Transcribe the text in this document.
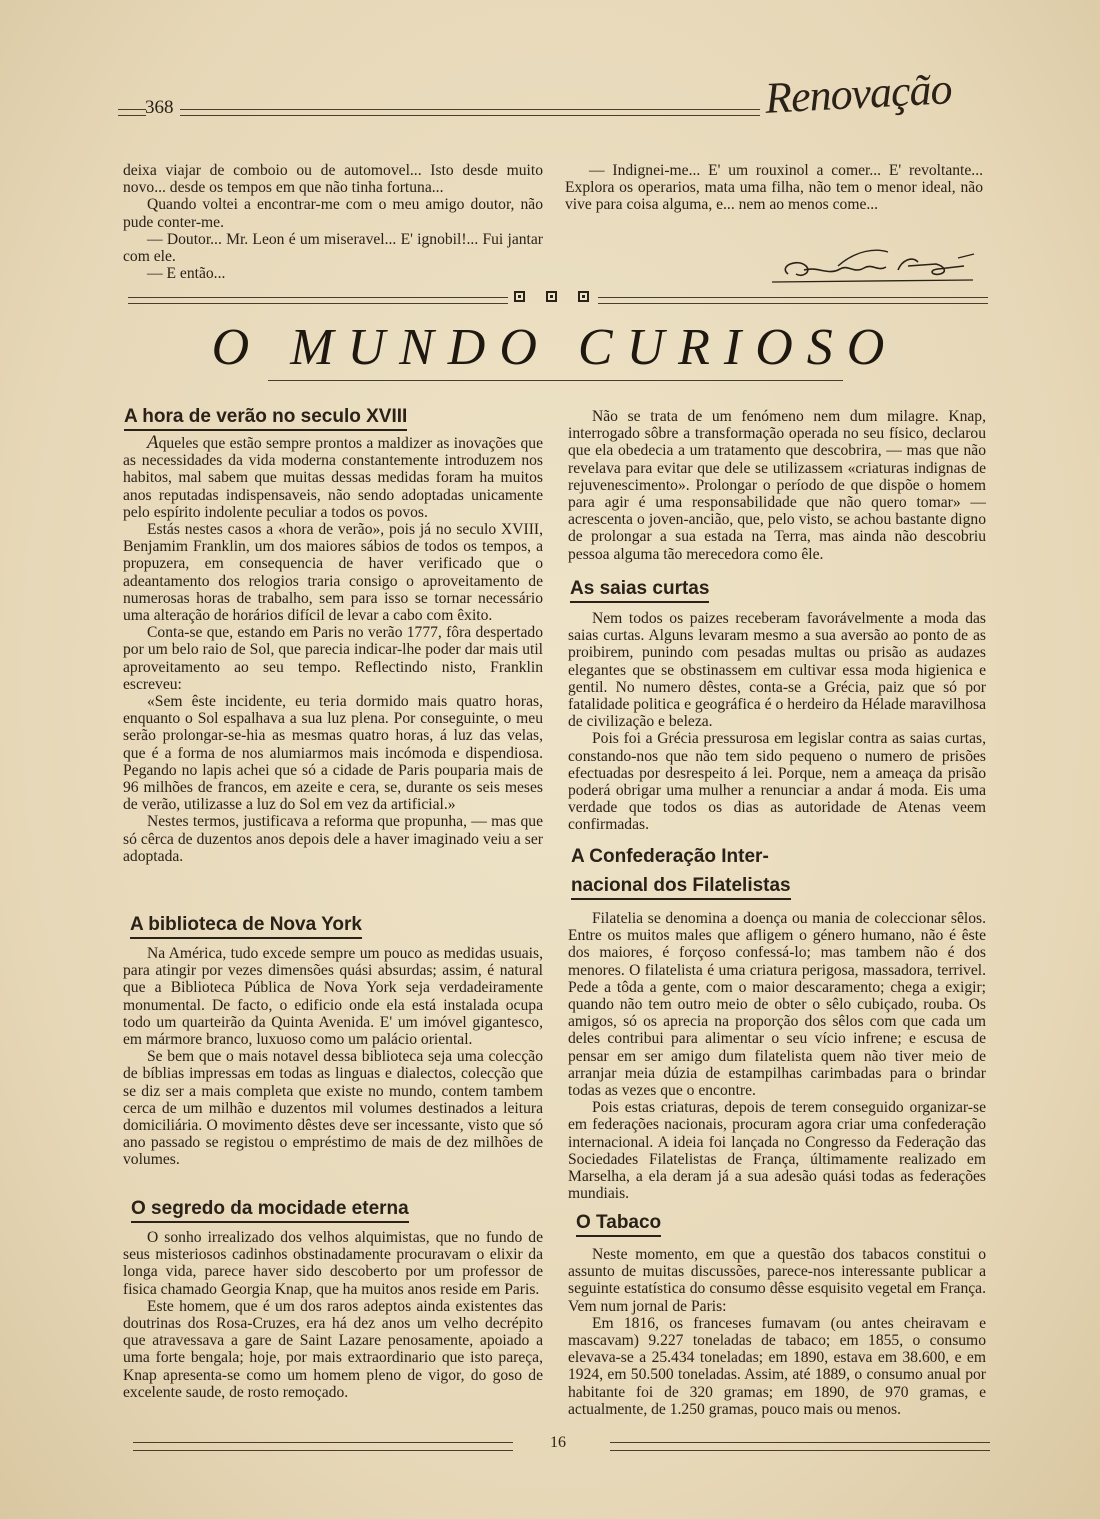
368	Renovação

deixa viajar de comboio ou de automovel... Isto desde muito novo... desde os tempos em que não tinha fortuna...

Quando voltei a encontrar-me com o meu amigo doutor, não pude conter-me.

— Doutor... Mr. Leon é um miseravel... E' ignobil!... Fui jantar com ele.

— E então...

— Indignei-me... E' um rouxinol a comer... E' revoltante... Explora os operarios, mata uma filha, não tem o menor ideal, não vive para coisa alguma, e... nem ao menos come...

O MUNDO CURIOSO
A hora de verão no seculo XVIII

Aqueles que estão sempre prontos a maldizer as inovações que as necessidades da vida moderna constantemente introduzem nos habitos, mal sabem que muitas dessas medidas foram ha muitos anos reputadas indispensaveis, não sendo adoptadas unicamente pelo espírito indolente peculiar a todos os povos.

Estás nestes casos a «hora de verão», pois já no seculo XVIII, Benjamim Franklin, um dos maiores sábios de todos os tempos, a propuzera, em consequencia de haver verificado que o adeantamento dos relogios traria consigo o aproveitamento de numerosas horas de trabalho, sem para isso se tornar necessário uma alteração de horários difícil de levar a cabo com êxito.

Conta-se que, estando em Paris no verão 1777, fôra despertado por um belo raio de Sol, que parecia indicar-lhe poder dar mais util aproveitamento ao seu tempo. Reflectindo nisto, Franklin escreveu:

«Sem êste incidente, eu teria dormido mais quatro horas, enquanto o Sol espalhava a sua luz plena. Por conseguinte, o meu serão prolongar-se-hia as mesmas quatro horas, á luz das velas, que é a forma de nos alumiarmos mais incómoda e dispendiosa. Pegando no lapis achei que só a cidade de Paris pouparia mais de 96 milhões de francos, em azeite e cera, se, durante os seis meses de verão, utilizasse a luz do Sol em vez da artificial.»

Nestes termos, justificava a reforma que propunha, — mas que só cêrca de duzentos anos depois dele a haver imaginado veiu a ser adoptada.

A biblioteca de Nova York

Na América, tudo excede sempre um pouco as medidas usuais, para atingir por vezes dimensões quási absurdas; assim, é natural que a Biblioteca Pública de Nova York seja verdadeiramente monumental. De facto, o edificio onde ela está instalada ocupa todo um quarteirão da Quinta Avenida. E' um imóvel gigantesco, em mármore branco, luxuoso como um palácio oriental.

Se bem que o mais notavel dessa biblioteca seja uma colecção de bíblias impressas em todas as linguas e dialectos, colecção que se diz ser a mais completa que existe no mundo, contem tambem cerca de um milhão e duzentos mil volumes destinados a leitura domiciliária. O movimento dêstes deve ser incessante, visto que só ano passado se registou o empréstimo de mais de dez milhões de volumes.

O segredo da mocidade eterna

O sonho irrealizado dos velhos alquimistas, que no fundo de seus misteriosos cadinhos obstinadamente procuravam o elixir da longa vida, parece haver sido descoberto por um professor de fisica chamado Georgia Knap, que ha muitos anos reside em Paris.

Este homem, que é um dos raros adeptos ainda existentes das doutrinas dos Rosa-Cruzes, era há dez anos um velho decrépito que atravessava a gare de Saint Lazare penosamente, apoiado a uma forte bengala; hoje, por mais extraordinario que isto pareça, Knap apresenta-se como um homem pleno de vigor, do goso de excelente saude, de rosto remoçado.

Não se trata de um fenómeno nem dum milagre. Knap, interrogado sôbre a transformação operada no seu físico, declarou que ela obedecia a um tratamento que descobrira, — mas que não revelava para evitar que dele se utilizassem «criaturas indignas de rejuvenescimento». Prolongar o período de que dispõe o homem para agir é uma responsabilidade que não quero tomar» — acrescenta o joven-ancião, que, pelo visto, se achou bastante digno de prolongar a sua estada na Terra, mas ainda não descobriu pessoa alguma tão merecedora como êle.

As saias curtas

Nem todos os paizes receberam favorávelmente a moda das saias curtas. Alguns levaram mesmo a sua aversão ao ponto de as proibirem, punindo com pesadas multas ou prisão as audazes elegantes que se obstinassem em cultivar essa moda higienica e gentil. No numero dêstes, conta-se a Grécia, paiz que só por fatalidade politica e geográfica é o herdeiro da Hélade maravilhosa de civilização e beleza.

Pois foi a Grécia pressurosa em legislar contra as saias curtas, constando-nos que não tem sido pequeno o numero de prisões efectuadas por desrespeito á lei. Porque, nem a ameaça da prisão poderá obrigar uma mulher a renunciar a andar á moda. Eis uma verdade que todos os dias as autoridade de Atenas veem confirmadas.

A Confederação Inter-
nacional dos Filatelistas

Filatelia se denomina a doença ou mania de coleccionar sêlos. Entre os muitos males que afligem o género humano, não é êste dos maiores, é forçoso confessá-lo; mas tambem não é dos menores. O filatelista é uma criatura perigosa, massadora, terrivel. Pede a tôda a gente, com o maior descaramento; chega a exigir; quando não tem outro meio de obter o sêlo cubiçado, rouba. Os amigos, só os aprecia na proporção dos sêlos com que cada um deles contribui para alimentar o seu vício infrene; e escusa de pensar em ser amigo dum filatelista quem não tiver meio de arranjar meia dúzia de estampilhas carimbadas para o brindar todas as vezes que o encontre.

Pois estas criaturas, depois de terem conseguido organizar-se em federações nacionais, procuram agora criar uma confederação internacional. A ideia foi lançada no Congresso da Federação das Sociedades Filatelistas de França, últimamente realizado em Marselha, a ela deram já a sua adesão quási todas as federações mundiais.

O Tabaco

Neste momento, em que a questão dos tabacos constitui o assunto de muitas discussões, parece-nos interessante publicar a seguinte estatística do consumo dêsse esquisito vegetal em França. Vem num jornal de Paris:

Em 1816, os franceses fumavam (ou antes cheiravam e mascavam) 9.227 toneladas de tabaco; em 1855, o consumo elevava-se a 25.434 toneladas; em 1890, estava em 38.600, e em 1924, em 50.500 toneladas. Assim, até 1889, o consumo anual por habitante foi de 320 gramas; em 1890, de 970 gramas, e actualmente, de 1.250 gramas, pouco mais ou menos.

16
